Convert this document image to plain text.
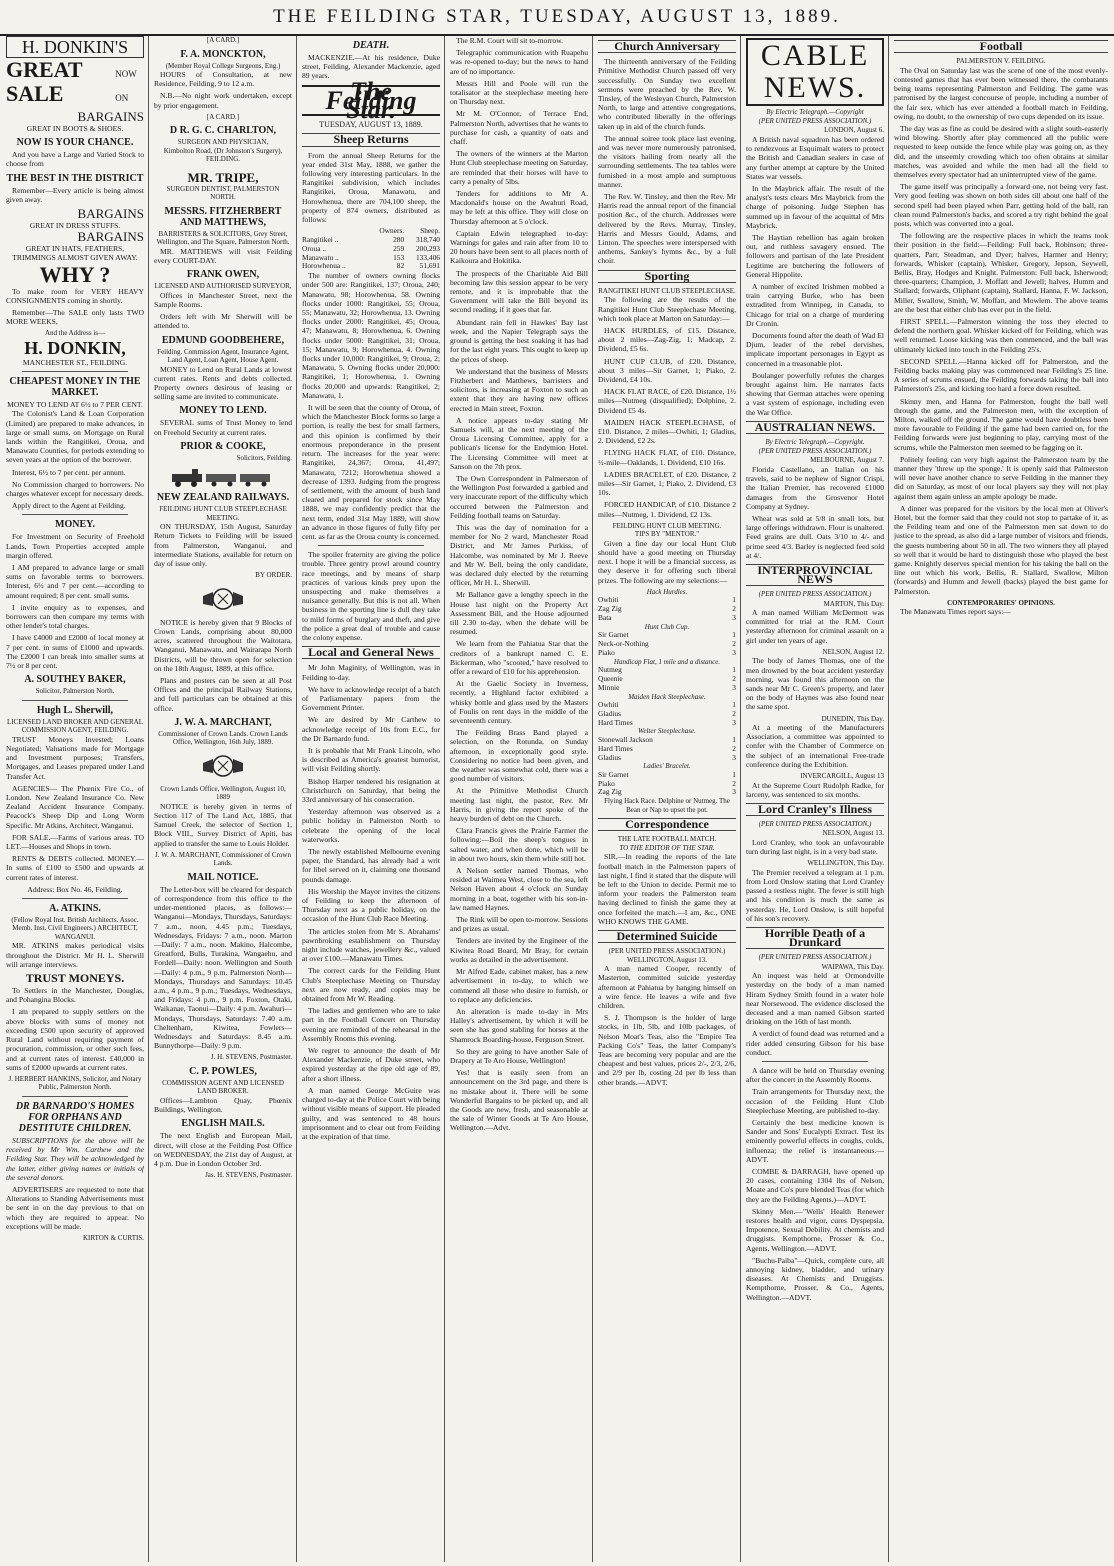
THE FEILDING STAR, TUESDAY, AUGUST 13, 1889.
H. DONKIN'S
GREAT SALE
NOW ON
BARGAINS
GREAT IN BOOTS & SHOES.
NOW IS YOUR CHANCE.

And you have a Large and Varied Stock to choose from

THE BEST IN THE DISTRICT

Remember—Every article is being almost given away.

BARGAINS
GREAT IN DRESS STUFFS.
BARGAINS
GREAT IN HATS, FEATHERS, TRIMMINGS ALMOST GIVEN AWAY.
WHY ?

To make room for VERY HEAVY CONSIGNMENTS coming in shortly.

Remember—The SALE only lasts TWO MORE WEEKS,

And the Address is—
H. DONKIN,
MANCHESTER ST., FEILDING.
CHEAPEST MONEY IN THE MARKET.
MONEY TO LEND AT 6½ to 7 PER CENT.

The Colonist's Land & Loan Corporation (Limited) are prepared to make advances, in large or small sums, on Mortgage on Rural lands within the Rangitikei, Oroua, and Manawatu Counties, for periods extending to seven years at the option of the borrower.

Interest, 6½ to 7 per cent. per annum.

No Commission charged to borrowers. No charges whatever except for necessary deeds.

Apply direct to the Agent at Feilding.

MONEY.

For Investment on Security of Freehold Lands, Town Properties accepted ample margin offered.

I AM prepared to advance large or small sums on favorable terms to borrowers. Interest, 6½ and 7 per cent.—according to amount required; 8 per cent. small sums.

I invite enquiry as to expenses, and borrowers can then compare my terms with other lender's total charges.

I have £4000 and £2000 of local money at 7 per cent. in sums of £1000 and upwards. The £2000 I can break into smaller sums at 7½ or 8 per cent.

A. SOUTHEY BAKER,
Solicitor, Palmerston North.
Hugh L. Sherwill,
LICENSED LAND BROKER AND GENERAL COMMISSION AGENT, FEILDING.

TRUST Moneys Invested; Loans Negotiated; Valuations made for Mortgage and Investment purposes; Transfers, Mortgages, and Leases prepared under Land Transfer Act.

AGENCIES— The Phœnix Fire Co., of London. New Zealand Insurance Co. New Zealand Accident Insurance Company. Peacock's Sheep Dip and Long Worm Specific. Mr Atkins, Architect, Wanganui.

FOR SALE.—Farms of various areas. TO LET.—Houses and Shops in town.

RENTS & DEBTS collected. MONEY.—In sums of £100 to £500 and upwards at current rates of interest.

Address: Box No. 46, Feilding.
A. ATKINS.
(Fellow Royal Inst. British Architects. Assoc. Memb. Inst. Civil Engineers.) ARCHITECT, WANGANUI.

MR. ATKINS makes periodical visits throughout the District. Mr H. L. Sherwill will arrange interviews.

TRUST MONEYS.

To Settlers in the Manchester, Douglas, and Pohangina Blocks.

I am prepared to supply settlers on the above blocks with sums of money not exceeding £500 upon security of approved Rural Land without requiring payment of procuration, commission, or other such fees, and at current rates of interest. £40,000 in sums of £2000 upwards at current rates.

J. HERBERT HANKINS, Solicitor, and Notary Public, Palmerston North.
DR BARNARDO'S HOMES FOR ORPHANS AND DESTITUTE CHILDREN.

SUBSCRIPTIONS for the above will be received by Mr Wm. Carthew and the Feilding Star. They will be acknowledged by the latter, either giving names or initials of the several donors.

ADVERTISERS are requested to note that Alterations to Standing Advertisements must be sent in on the day previous to that on which they are required to appear. No exceptions will be made.

KIRTON & CURTIS.
[A CARD.]
F. A. MONCKTON,
(Member Royal College Surgeons, Eng.)

HOURS of Consultation, at new Residence, Feilding, 9 to 12 a.m.

N.B.—No night work undertaken, except by prior engagement.

[A CARD.]
D R. G. C. CHARLTON,
SURGEON AND PHYSICIAN,
Kimbolton Road, (Dr Johnston's Surgery), FEILDING.
MR. TRIPE,
SURGEON DENTIST, PALMERSTON NORTH.
MESSRS. FITZHERBERT AND MATTHEWS,
BARRISTERS & SOLICITORS, Grey Street, Wellington, and The Square, Palmerston North.

MR. MATTHEWS will visit Feilding every COURT-DAY.

FRANK OWEN,
LICENSED AND AUTHORISED SURVEYOR,

Offices in Manchester Street, next the Sample Rooms.

Orders left with Mr Sherwill will be attended to.

EDMUND GOODBEHERE,
Feilding. Commission Agent, Insurance Agent, Land Agent, Loan Agent, House Agent.

MONEY to Lend on Rural Lands at lowest current rates. Rents and debts collected. Property owners desirous of leasing or selling same are invited to communicate.

MONEY TO LEND.

SEVERAL sums of Trust Money to lend on Freehold Security at current rates.

PRIOR & COOKE,
Solicitors, Feilding.
NEW ZEALAND RAILWAYS.
FEILDING HUNT CLUB STEEPLECHASE MEETING.

ON THURSDAY, 15th August, Saturday Return Tickets to Feilding will be issued from Palmerston, Wanganui, and intermediate Stations, available for return on day of issue only.

BY ORDER.

NOTICE is hereby given that 9 Blocks of Crown Lands, comprising about 80,000 acres, scattered throughout the Waitotara, Wanganui, Manawatu, and Wairarapa North Districts, will be thrown open for selection on the 18th August, 1889, at this office.

Plans and posters can be seen at all Post Offices and the principal Railway Stations, and full particulars can be obtained at this office.

J. W. A. MARCHANT,
Commissioner of Crown Lands. Crown Lands Office, Wellington, 16th July, 1889.
Crown Lands Office, Wellington, August 10, 1889

NOTICE is hereby given in terms of Section 117 of The Land Act, 1885, that Samuel Creek, the selector of Section 1, Block VIII., Survey District of Apiti, has applied to transfer the same to Louis Holder.

J. W. A. MARCHANT, Commissioner of Crown Lands.
MAIL NOTICE.

The Letter-box will be cleared for despatch of correspondence from this office to the under-mentioned places, as follows:— Wanganui—Mondays, Thursdays, Saturdays: 7 a.m., noon, 4.45 p.m.; Tuesdays, Wednesdays, Fridays: 7 a.m., noon. Marton—Daily: 7 a.m., noon. Makino, Halcombe, Greatford, Bulls, Turakina, Wangaehu, and Fordell—Daily: noon. Wellington and South—Daily: 4 p.m., 9 p.m. Palmerston North—Mondays, Thursdays and Saturdays: 10.45 a.m., 4 p.m., 9 p.m.; Tuesdays, Wednesdays, and Fridays: 4 p.m., 9 p.m. Foxton, Otaki, Waikanae, Taonui—Daily: 4 p.m. Awahuri—Mondays, Thursdays, Saturdays: 7.40 a.m. Cheltenham, Kiwitea, Fowlers—Wednesdays and Saturdays: 8.45 a.m. Bunnythorpe—Daily: 9 p.m.

J. H. STEVENS, Postmaster.
C. P. POWLES,
COMMISSION AGENT AND LICENSED LAND BROKER.

Offices—Lambton Quay, Phœnix Buildings, Wellington.

ENGLISH MAILS.

The next English and European Mail, direct, will close at the Feilding Post Office on WEDNESDAY, the 21st day of August, at 4 p.m. Due in London October 3rd.

Jas. H. STEVENS, Postmaster.
DEATH.

MACKENZIE.—At his residence, Duke street, Feilding, Alexander Mackenzie, aged 89 years.

The Feilding Star.
TUESDAY, AUGUST 13, 1889.
Sheep Returns

From the annual Sheep Returns for the year ended 31st May, 1888, we gather the following very interesting particulars. In the Rangitikei subdivision, which includes Rangitikei, Oroua, Manawatu, and Horowhenua, there are 704,100 sheep, the property of 874 owners, distributed as follows:

	Owners.	Sheep.
Rangitikei ..	280	318,740
Oroua ..	259	200,293
Manawatu ..	153	133,406
Horowhenua ..	82	51,691

The number of owners owning flocks under 500 are: Rangitikei, 137; Oroua, 240; Manawatu, 98; Horowhenua, 58. Owning flocks under 1000: Rangitikei, 55; Oroua, 55; Manawatu, 32; Horowhenua, 13. Owning flocks under 2000: Rangitikei, 45; Oroua, 47; Manawatu, 8; Horowhenua, 6. Owning flocks under 5000: Rangitikei, 31; Oroua, 15; Manawatu, 9; Horowhenua, 4. Owning flocks under 10,000: Rangitikei, 9; Oroua, 2; Manawatu, 5. Owning flocks under 20,000: Rangitikei, 1; Horowhenua, 1. Owning flocks 20,000 and upwards: Rangitikei, 2; Manawatu, 1.

It will be seen that the county of Oroua, of which the Manchester Block forms so large a portion, is really the best for small farmers, and this opinion is confirmed by their enormous preponderance in the present return. The increases for the year were: Rangitikei, 24,367; Oroua, 41,497; Manawatu, 7212; Horowhenua showed a decrease of 1393. Judging from the progress of settlement, with the amount of bush land cleared and prepared for stock since May 1888, we may confidently predict that the next term, ended 31st May 1889, will show an advance in those figures of fully fifty per cent. as far as the Oroua county is concerned.

The spoiler fraternity are giving the police trouble. Three gentry prowl around country race meetings, and by means of sharp practices of various kinds prey upon the unsuspecting and make themselves a nuisance generally. But this is not all. When business in the sporting line is dull they take to mild forms of burglary and theft, and give the police a great deal of trouble and cause the colony expense.

Local and General News

Mr John Maginity, of Wellington, was in Feilding to-day.

We have to acknowledge receipt of a batch of Parliamentary papers from the Government Printer.

We are desired by Mr Carthew to acknowledge receipt of 10s from E.C., for the Dr Barnardo fund.

It is probable that Mr Frank Lincoln, who is described as America's greatest humorist, will visit Feilding shortly.

Bishop Harper tendered his resignation at Christchurch on Saturday, that being the 33rd anniversary of his consecration.

Yesterday afternoon was observed as a public holiday in Palmerston North to celebrate the opening of the local waterworks.

The newly established Melbourne evening paper, the Standard, has already had a writ for libel served on it, claiming one thousand pounds damage.

His Worship the Mayor invites the citizens of Feilding to keep the afternoon of Thursday next as a public holiday, on the occasion of the Hunt Club Race Meeting.

The articles stolen from Mr S. Abrahams' pawnbroking establishment on Thursday night include watches, jewellery &c., valued at over £100.—Manawatu Times.

The correct cards for the Feilding Hunt Club's Steeplechase Meeting on Thursday next are now ready, and copies may be obtained from Mr W. Reading.

The ladies and gentlemen who are to take part in the Football Concert on Thursday evening are reminded of the rehearsal in the Assembly Rooms this evening.

We regret to announce the death of Mr Alexander Mackenzie, of Duke street, who expired yesterday at the ripe old age of 89, after a short illness.

A man named George McGuire was charged to-day at the Police Court with being without visible means of support. He pleaded guilty, and was sentenced to 48 hours imprisonment and to clear out from Feilding at the expiration of that time.

The R.M. Court will sit to-morrow.

Telegraphic communication with Ruapehu was re-opened to-day; but the news to hand are of no importance.

Messrs Hill and Poole will run the totalisator at the steeplechase meeting here on Thursday next.

Mr M. O'Connor, of Terrace End, Palmerston North, advertises that he wants to purchase for cash, a quantity of oats and chaff.

The owners of the winners at the Marton Hunt Club steeplechase meeting on Saturday, are reminded that their horses will have to carry a penalty of 5lbs.

Tenders for additions to Mr A. Macdonald's house on the Awahuri Road, may be left at this office. They will close on Thursday afternoon at 5 o'clock.

Captain Edwin telegraphed to-day: Warnings for gales and rain after from 10 to 20 hours have been sent to all places north of Kaikoura and Hokitika.

The prospects of the Charitable Aid Bill becoming law this session appear to be very remote, and it is improbable that the Government will take the Bill beyond its second reading, if it goes that far.

Abundant rain fell in Hawkes' Bay last week, and the Napier Telegraph says the ground is getting the best soaking it has had for the last eight years. This ought to keep up the prices of sheep.

We understand that the business of Messrs Fitzherbert and Matthews, barristers and solicitors, is increasing at Foxton to such an extent that they are having new offices erected in Main street, Foxton.

A notice appears to-day stating Mr Samuels will, at the next meeting of the Oroua Licensing Committee, apply for a publican's license for the Endymion Hotel. The Licensing Committee will meet at Sanson on the 7th prox.

The Own Correspondent in Palmerston of the Wellington Post forwarded a garbled and very inaccurate report of the difficulty which occurred between the Palmerston and Feilding football teams on Saturday.

This was the day of nomination for a member for No 2 ward, Manchester Road District, and Mr James Purkiss, of Halcombe, was nominated by Mr J. Reeve and Mr W. Bell, being the only candidate, was declared duly elected by the returning officer, Mr H. L. Sherwill.

Mr Ballance gave a lengthy speech in the House last night on the Property Act Assessment Bill, and the House adjourned till 2.30 to-day, when the debate will be resumed.

We learn from the Pahiatua Star that the creditors of a bankrupt named C. E. Bickerman, who "scooted," have resolved to offer a reward of £10 for his apprehension.

At the Gaelic Society in Inverness, recently, a Highland factor exhibited a whisky bottle and glass used by the Masters of Foulis on rent days in the middle of the seventeenth century.

The Feilding Brass Band played a selection, on the Rotunda, on Sunday afternoon, in exceptionally good style. Considering no notice had been given, and the weather was somewhat cold, there was a good number of visitors.

At the Primitive Methodist Church meeting last night, the pastor, Rev. Mr Harris, in giving the report spoke of the heavy burden of debt on the Church.

Clara Francis gives the Prairie Farmer the following:—Boil the sheep's tongues in salted water, and when done, which will be in about two hours, skin them while still hot.

A Nelson settler named Thomas, who resided at Waimea West, close to the sea, left Nelson Haven about 4 o'clock on Sunday morning in a boat, together with his son-in-law named Haynes.

The Rink will be open to-morrow. Sessions and prizes as usual.

Tenders are invited by the Engineer of the Kiwitea Road Board, Mr Bray, for certain works as detailed in the advertisement.

Mr Alfred Eade, cabinet maker, has a new advertisement in to-day, to which we commend all those who desire to furnish, or to replace any deficiencies.

An alteration is made to-day in Mrs Halley's advertisement, by which it will be seen she has good stabling for horses at the Shamrock Boarding-house, Ferguson Street.

So they are going to have another Sale of Drapery at Te Aro House, Wellington!

Yes! that is easily seen from an announcement on the 3rd page, and there is no mistake about it. There will be some Wonderful Bargains to be picked up, and all the Goods are new, fresh, and seasonable at the sale of Winter Goods at Te Aro House, Wellington.—Advt.

Church Anniversary

The thirteenth anniversary of the Feilding Primitive Methodist Church passed off very successfully. On Sunday two excellent sermons were preached by the Rev. W. Tinsley, of the Wesleyan Church, Palmerston North, to large and attentive congregations, who contributed liberally in the offerings taken up in aid of the church funds.

The annual soiree took place last evening, and was never more numerously patronised, the visitors hailing from nearly all the surrounding settlements. The tea tables were furnished in a most ample and sumptuous manner.

The Rev. W. Tinsley, and then the Rev. Mr Harris read the annual report of the financial position &c., of the church. Addresses were delivered by the Revs. Murray, Tinsley, Harris and Messrs Gould, Adams, and Linton. The speeches were interspersed with anthems, Sankey's hymns &c., by a full choir.

Sporting
RANGITIKEI HUNT CLUB STEEPLECHASE.

The following are the results of the Rangitikei Hunt Club Steeplechase Meeting, which took place at Marton on Saturday:—

HACK HURDLES, of £15. Distance, about 2 miles—Zag-Zig, 1; Madcap, 2. Dividend, £5 6s.

HUNT CUP CLUB, of £20. Distance, about 3 miles—Sir Garnet, 1; Piako, 2. Dividend, £4 10s.

HACK FLAT RACE, of £20. Distance, 1½ miles—Nutmeg (disqualified); Dolphine, 2. Dividend £5 4s.

MAIDEN HACK STEEPLECHASE, of £10. Distance, 2 miles—Owhiti, 1; Gladius, 2. Dividend, £2 2s.

FLYING HACK FLAT, of £10. Distance, ½-mile—Oaklands, 1. Dividend, £10 16s.

LADIES BRACELET, of £20. Distance, 2 miles—Sir Garnet, 1; Piako, 2. Dividend, £3 10s.

FORCED HANDICAP, of £10. Distance 2 miles—Nutmeg, 1. Dividend, £2 13s.

FEILDING HUNT CLUB MEETING.
TIPS BY "MENTOR."

Given a fine day our local Hunt Club should have a good meeting on Thursday next. I hope it will be a financial success, as they deserve it for offering such liberal prizes. The following are my selections:—

Hack Hurdles.
Owhiti	1
Zag Zig	2
Bata	3
Hunt Club Cup.
Sir Garnet	1
Neck-or-Nothing	2
Piako	3
Handicap Flat, 1 mile and a distance.
Nutmeg	1
Queenie	2
Minnie	3
Maiden Hack Steeplechase.
Owhiti	1
Gladius	2
Hard Times	3
Welter Steeplechase.
Stonewall Jackson	1
Hard Times	2
Gladius	3
Ladies' Bracelet.
Sir Garnet	1
Piako	2
Zag Zig	3
Flying Hack Race. Delphine or Nutmeg. The Bean or Nap to upset the pot.
Correspondence
THE LATE FOOTBALL MATCH.
TO THE EDITOR OF THE STAR.

SIR,—In reading the reports of the late football match in the Palmerston papers of last night, I find it stated that the dispute will be left to the Union to decide. Permit me to inform your readers the Palmerston team having declined to finish the game they at once forfeited the match.—I am, &c., ONE WHO KNOWS THE GAME.

Determined Suicide
(PER UNITED PRESS ASSOCIATION.) WELLINGTON, August 13.

A man named Cooper, recently of Masterton, committed suicide yesterday afternoon at Pahiatua by hanging himself on a wire fence. He leaves a wife and five children.

S. J. Thompson is the holder of large stocks, in 1lb, 5lb, and 10lb packages, of Nelson Moat's Teas, also the "Empire Tea Packing Co's" Teas, the latter Company's Teas are becoming very popular and are the cheapest and best values, prices 2/-, 2/3, 2/6, and 2/9 per lb, costing 2d per lb less than other brands.—ADVT.

CABLE NEWS.
By Electric Telegraph.—Copyright
(PER UNITED PRESS ASSOCIATION.)
LONDON, August 6.

A British naval squadron has been ordered to rendezvous at Esquimalt waters to protect the British and Canadian sealers in case of any further attempt at capture by the United States war vessels.

In the Maybrick affair. The result of the analyst's tests clears Mrs Maybrick from the charge of poisoning. Judge Stephen has summed up in favour of the acquittal of Mrs Maybrick.

The Haytian rebellion has again broken out, and ruthless savagery ensued. The followers and partisan of the late President Legitime are butchering the followers of General Hippolite.

A number of excited Irishmen mobbed a train carrying Burke, who has been extradited from Winnipeg, in Canada, to Chicago for trial on a charge of murdering Dr Cronin.

Documents found after the death of Wad El Djum, leader of the rebel dervishes, implicate important personages in Egypt as concerned in a treasonable plot.

Boulanger powerfully refutes the charges brought against him. He narrates facts showing that German attaches were opening a vast system of espionage, including even the War Office.

AUSTRALIAN NEWS.
By Electric Telegraph.—Copyright.
(PER UNITED PRESS ASSOCIATION.)
MELBOURNE, August 7.

Florida Castellano, an Italian on his travels, said to be nephew of Signor Crispi, the Italian Premier, has recovered £1000 damages from the Grosvenor Hotel Company at Sydney.

Wheat was sold at 5/8 in small lots, but large offerings withdrawn. Flour is unaltered. Feed grains are dull. Oats 3/10 to 4/- and prime seed 4/3. Barley is neglected feed sold at 4/.

INTERPROVINCIAL NEWS
(PER UNITED PRESS ASSOCIATION.)
MARTON, This Day.

A man named William McDermott was committed for trial at the R.M. Court yesterday afternoon for criminal assault on a girl under ten years of age.

NELSON, August 12.

The body of James Thomas, one of the men drowned by the boat accident yesterday morning, was found this afternoon on the sands near Mr C. Green's property, and later on the body of Haynes was also found near the same spot.

DUNEDIN, This Day.

At a meeting of the Manufacturers Association, a committee was appointed to confer with the Chamber of Commerce on the subject of an international Free-trade conference during the Exhibition.

INVERCARGILL, August 13

At the Supreme Court Rudolph Radke, for larceny, was sentenced to six months.

Lord Cranley's Illness
(PER UNITED PRESS ASSOCIATION.)
NELSON, August 13.

Lord Cranley, who took an unfavourable turn during last night, is in a very bad state.

WELLINGTON, This Day.

The Premier received a telegram at 1 p.m. from Lord Onslow stating that Lord Cranley passed a restless night. The fever is still high and his condition is much the same as yesterday. He, Lord Onslow, is still hopeful of his son's recovery.

Horrible Death of a Drunkard
(PER UNITED PRESS ASSOCIATION.)
WAIPAWA, This Day.

An inquest was held at Ormondville yesterday on the body of a man named Hiram Sydney Smith found in a water hole near Norsewood. The evidence disclosed the deceased and a man named Gibson started drinking on the 16th of last month.

A verdict of found dead was returned and a rider added censuring Gibson for his base conduct.

A dance will be held on Thursday evening after the concert in the Assembly Rooms.

Train arrangements for Thursday next, the occasion of the Feilding Hunt Club Steeplechase Meeting, are published to-day.

Certainly the best medicine known is Sander and Sons' Eucalypti Extract. Test its eminently powerful effects in coughs, colds, influenza; the relief is instantaneous.—ADVT.

COMBE & DARRAGH, have opened up 20 cases, containing 1304 lbs of Nelson, Moate and Co's pure blended Teas (for which they are the Feilding Agents.)—ADVT.

Skinny Men.—"Wells' Health Renewer restores health and vigor, cures Dyspepsia, Impotence, Sexual Debility. At chemists and druggists. Kempthorne, Prosser & Co., Agents, Wellington.—ADVT.

"Buchu-Paiba"—Quick, complete cure, all annoying kidney, bladder, and urinary diseases. At Chemists and Druggists. Kempthorne, Prosser, & Co., Agents, Wellington.—ADVT.

Football
PALMERSTON V. FEILDING.

The Oval on Saturday last was the scene of one of the most evenly-contested games that has ever been witnessed there, the combatants being teams representing Palmerston and Feilding. The game was patronised by the largest concourse of people, including a number of the fair sex, which has ever attended a football match in Feilding, owing, no doubt, to the ownership of two cups depended on its issue.

The day was as fine as could be desired with a slight south-easterly wind blowing. Shortly after play commenced all the public were requested to keep outside the fence while play was going on, as they did, and the unseemly crowding which too often obtains at similar matches, was avoided and while the men had all the field to themselves every spectator had an uninterrupted view of the game.

The game itself was principally a forward one, not being very fast. Very good feeling was shown on both sides till about one half of the second spell had been played when Parr, getting hold of the ball, ran clean round Palmerston's backs, and scored a try right behind the goal posts, which was converted into a goal.

The following are the respective places in which the teams took their position in the field:—Feilding: Full back, Robinson; three-quarters, Parr, Steadman, and Dyer; halves, Harmer and Henry; forwards, Whisker (captain), Whisker, Gregory, Jepson, Seywell, Bellis, Bray, Hodges and Knight. Palmerston: Full back, Isherwood; three-quarters; Champion, J. Moffatt and Jewell; halves, Humm and Stallard; forwards, Oliphant (captain), Stallard, Hanna, F. W. Jackson, Miller, Swallow, Smith, W. Moffatt, and Mowlem. The above teams are the best that either club has ever put in the field.

FIRST SPELL.—Palmerston winning the toss they elected to defend the northern goal. Whisker kicked off for Feilding, which was well returned. Loose kicking was then commenced, and the ball was ultimately kicked into touch in the Feilding 25's.

SECOND SPELL.—Hanna kicked off for Palmerston, and the Feilding backs making play was commenced near Feilding's 25 line. A series of scrums ensued, the Feilding forwards taking the ball into Palmerston's 25s, and kicking too hard a force down resulted.

Skinny men, and Hanna for Palmerston, fought the ball well through the game, and the Palmerston men, with the exception of Milton, walked off the ground. The game would have doubtless been more favourable to Feilding if the game had been carried on, for the Feilding forwards were just beginning to play, carrying most of the scrums, while the Palmerston men seemed to be fagging on it.

Politely feeling can very high against the Palmerston team by the manner they 'threw up the sponge.' It is openly said that Palmerston will never have another chance to serve Feilding in the manner they did on Saturday, as most of our local players say they will not play against them again unless an ample apology be made.

A dinner was prepared for the visitors by the local men at Oliver's Hotel, but the former said that they could not stop to partake of it, as the Feilding team and one of the Palmerston men sat down to do justice to the spread, as also did a large number of visitors and friends, the guests numbering about 50 in all. The two winners they all played so well that it would be hard to distinguish those who played the best game. Knightly deserves special mention for his taking the ball on the line out which his work, Bellis, R. Stallard, Swallow, Milton (forwards) and Humm and Jewell (backs) played the best game for Palmerston.

CONTEMPORARIES' OPINIONS.

The Manawatu Times report says:—
